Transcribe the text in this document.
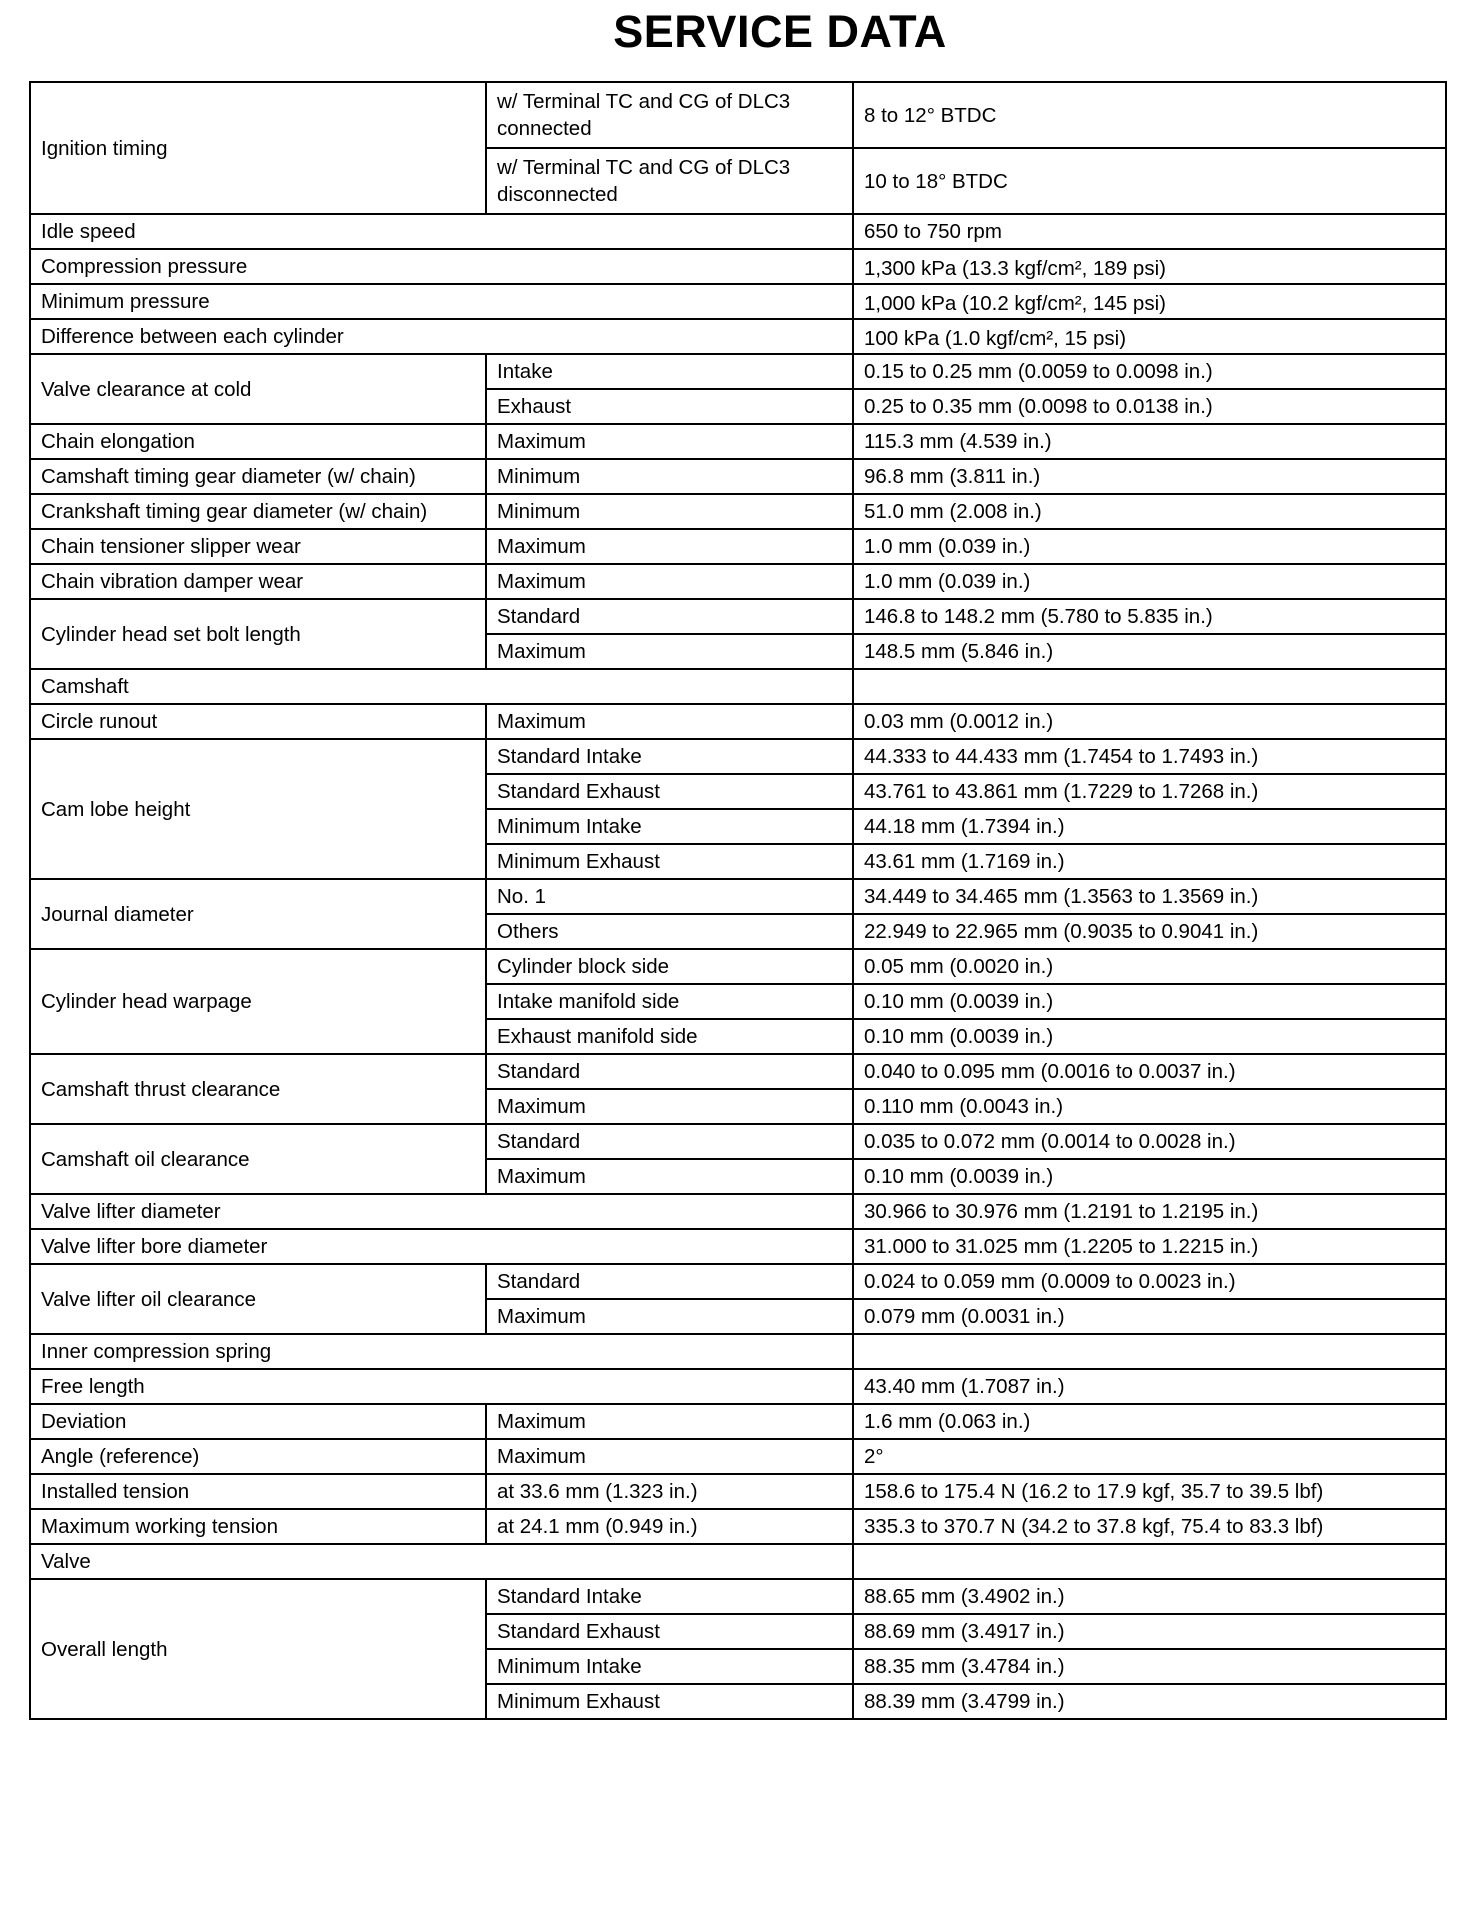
SERVICE DATA
Ignition timing	w/ Terminal TC and CG of DLC3 connected	8 to 12° BTDC
	w/ Terminal TC and CG of DLC3 disconnected	10 to 18° BTDC
Idle speed		650 to 750 rpm
Compression pressure		1,300 kPa (13.3 kgf/cm², 189 psi)
Minimum pressure		1,000 kPa (10.2 kgf/cm², 145 psi)
Difference between each cylinder		100 kPa (1.0 kgf/cm², 15 psi)
Valve clearance at cold	Intake	0.15 to 0.25 mm (0.0059 to 0.0098 in.)
	Exhaust	0.25 to 0.35 mm (0.0098 to 0.0138 in.)
Chain elongation	Maximum	115.3 mm (4.539 in.)
Camshaft timing gear diameter (w/ chain)	Minimum	96.8 mm (3.811 in.)
Crankshaft timing gear diameter (w/ chain)	Minimum	51.0 mm (2.008 in.)
Chain tensioner slipper wear	Maximum	1.0 mm (0.039 in.)
Chain vibration damper wear	Maximum	1.0 mm (0.039 in.)
Cylinder head set bolt length	Standard	146.8 to 148.2 mm (5.780 to 5.835 in.)
	Maximum	148.5 mm (5.846 in.)
Camshaft		
Circle runout	Maximum	0.03 mm (0.0012 in.)
Cam lobe height	Standard Intake	44.333 to 44.433 mm (1.7454 to 1.7493 in.)
	Standard Exhaust	43.761 to 43.861 mm (1.7229 to 1.7268 in.)
	Minimum Intake	44.18 mm (1.7394 in.)
	Minimum Exhaust	43.61 mm (1.7169 in.)
Journal diameter	No. 1	34.449 to 34.465 mm (1.3563 to 1.3569 in.)
	Others	22.949 to 22.965 mm (0.9035 to 0.9041 in.)
Cylinder head warpage	Cylinder block side	0.05 mm (0.0020 in.)
	Intake manifold side	0.10 mm (0.0039 in.)
	Exhaust manifold side	0.10 mm (0.0039 in.)
Camshaft thrust clearance	Standard	0.040 to 0.095 mm (0.0016 to 0.0037 in.)
	Maximum	0.110 mm (0.0043 in.)
Camshaft oil clearance	Standard	0.035 to 0.072 mm (0.0014 to 0.0028 in.)
	Maximum	0.10 mm (0.0039 in.)
Valve lifter diameter		30.966 to 30.976 mm (1.2191 to 1.2195 in.)
Valve lifter bore diameter		31.000 to 31.025 mm (1.2205 to 1.2215 in.)
Valve lifter oil clearance	Standard	0.024 to 0.059 mm (0.0009 to 0.0023 in.)
	Maximum	0.079 mm (0.0031 in.)
Inner compression spring		
Free length		43.40 mm (1.7087 in.)
Deviation	Maximum	1.6 mm (0.063 in.)
Angle (reference)	Maximum	2°
Installed tension	at 33.6 mm (1.323 in.)	158.6 to 175.4 N (16.2 to 17.9 kgf, 35.7 to 39.5 lbf)
Maximum working tension	at 24.1 mm (0.949 in.)	335.3 to 370.7 N (34.2 to 37.8 kgf, 75.4 to 83.3 lbf)
Valve		
Overall length	Standard Intake	88.65 mm (3.4902 in.)
	Standard Exhaust	88.69 mm (3.4917 in.)
	Minimum Intake	88.35 mm (3.4784 in.)
	Minimum Exhaust	88.39 mm (3.4799 in.)
